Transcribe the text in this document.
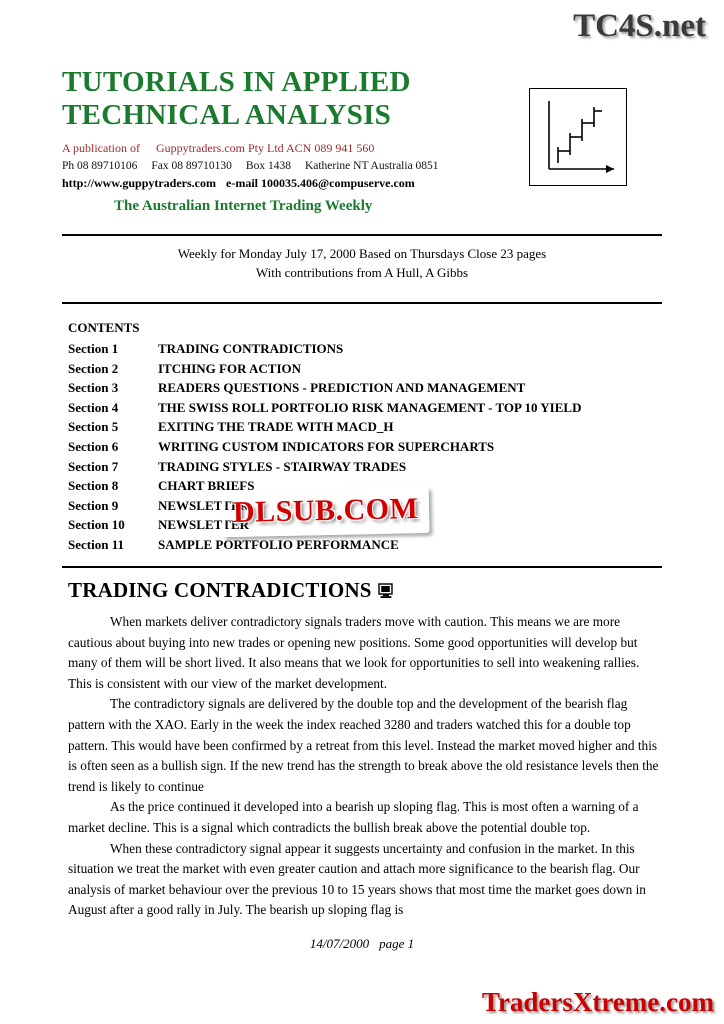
TC4S.net
TUTORIALS IN APPLIED
TECHNICAL ANALYSIS
A publication of Guppytraders.com Pty Ltd ACN 089 941 560
Ph 08 89710106 Fax 08 89710130 Box 1438 Katherine NT Australia 0851
http://www.guppytraders.com e-mail 100035.406@compuserve.com
The Australian Internet Trading Weekly
Weekly for Monday July 17, 2000 Based on Thursdays Close 23 pages
With contributions from A Hull, A Gibbs
CONTENTS
Section 1	TRADING CONTRADICTIONS
Section 2	ITCHING FOR ACTION
Section 3	READERS QUESTIONS - PREDICTION AND MANAGEMENT
Section 4	THE SWISS ROLL PORTFOLIO RISK MANAGEMENT - TOP 10 YIELD
Section 5	EXITING THE TRADE WITH MACD_H
Section 6	WRITING CUSTOM INDICATORS FOR SUPERCHARTS
Section 7	TRADING STYLES - STAIRWAY TRADES
Section 8	CHART BRIEFS
Section 9	NEWSLETTER
Section 10	NEWSLETTER
Section 11	SAMPLE PORTFOLIO PERFORMANCE
DLSUB.COM
TRADING CONTRADICTIONS

When markets deliver contradictory signals traders move with caution. This means we are more cautious about buying into new trades or opening new positions. Some good opportunities will develop but many of them will be short lived. It also means that we look for opportunities to sell into weakening rallies. This is consistent with our view of the market development.

The contradictory signals are delivered by the double top and the development of the bearish flag pattern with the XAO. Early in the week the index reached 3280 and traders watched this for a double top pattern. This would have been confirmed by a retreat from this level. Instead the market moved higher and this is often seen as a bullish sign. If the new trend has the strength to break above the old resistance levels then the trend is likely to continue

As the price continued it developed into a bearish up sloping flag. This is most often a warning of a market decline. This is a signal which contradicts the bullish break above the potential double top.

When these contradictory signal appear it suggests uncertainty and confusion in the market. In this situation we treat the market with even greater caution and attach more significance to the bearish flag. Our analysis of market behaviour over the previous 10 to 15 years shows that most time the market goes down in August after a good rally in July. The bearish up sloping flag is

14/07/2000 page 1
TradersXtreme.com
